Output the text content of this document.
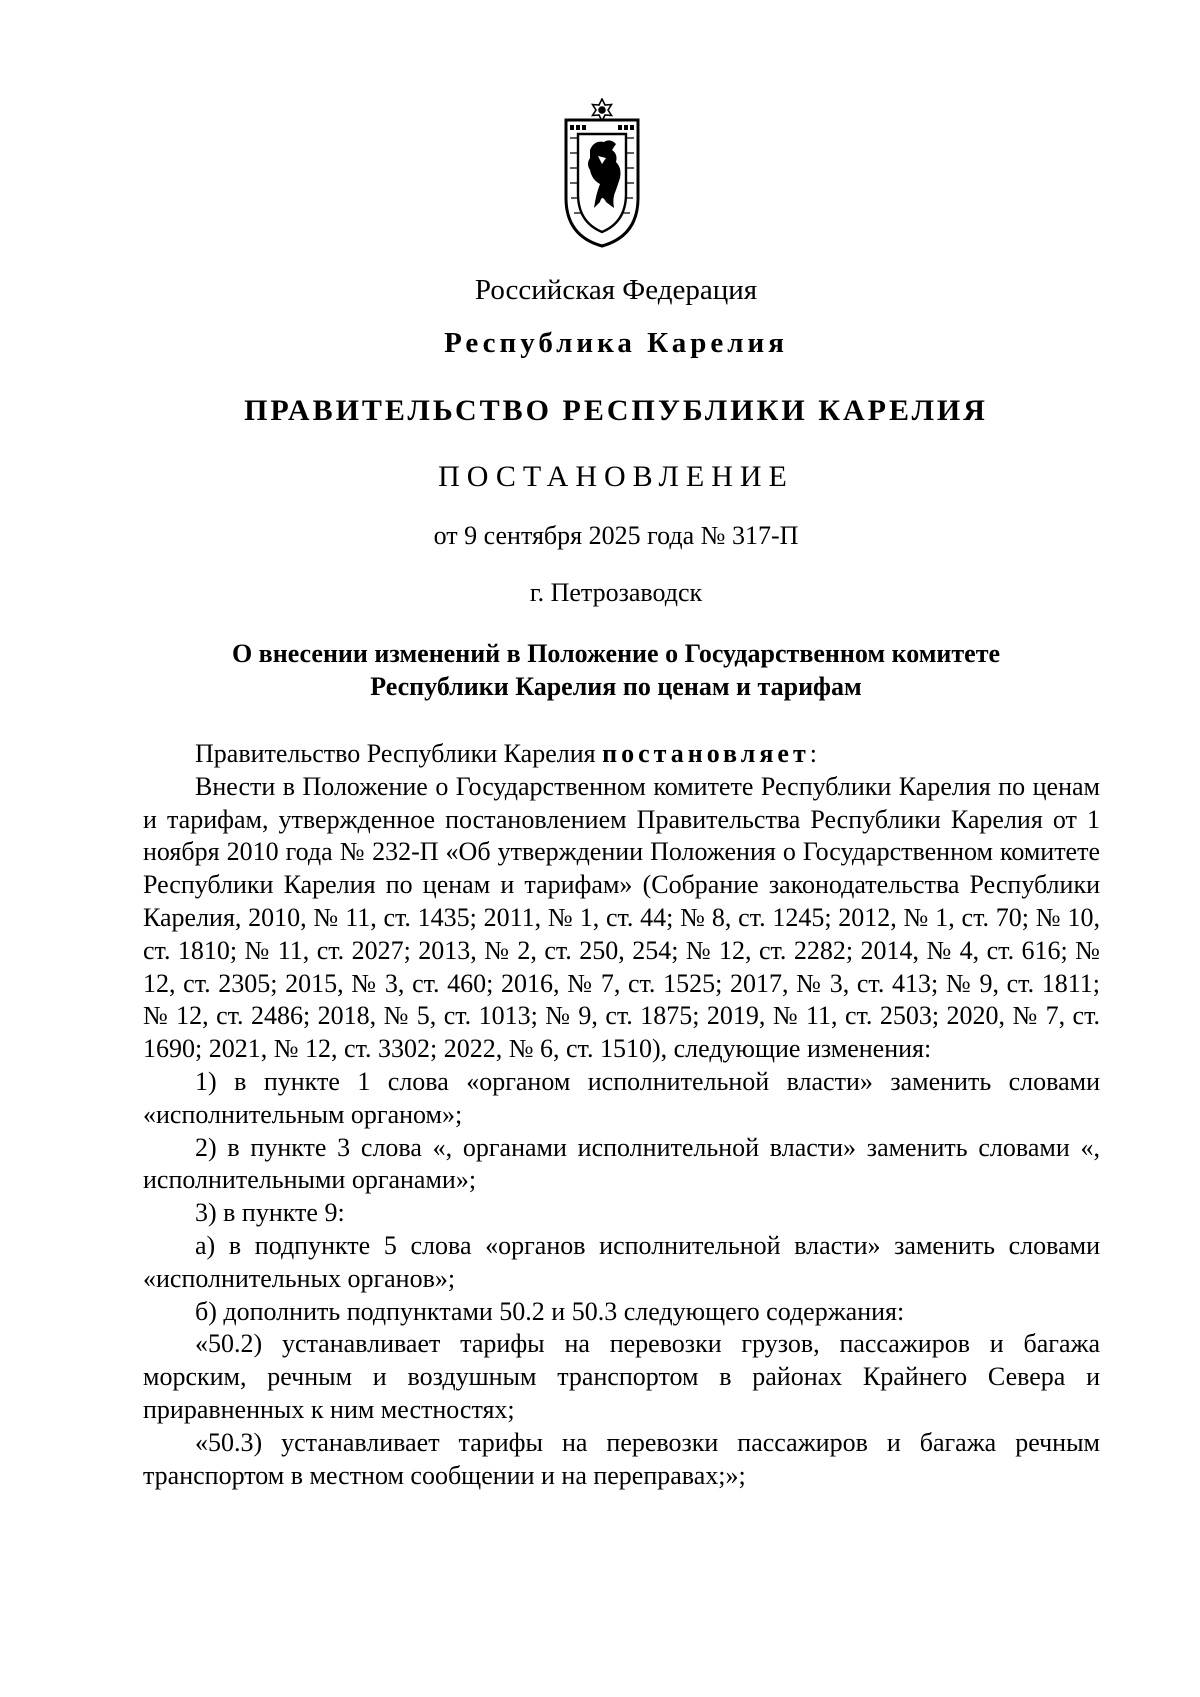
Российская Федерация
Республика Карелия
ПРАВИТЕЛЬСТВО РЕСПУБЛИКИ КАРЕЛИЯ
ПОСТАНОВЛЕНИЕ
от 9 сентября 2025 года № 317-П
г. Петрозаводск
О внесении изменений в Положение о Государственном комитете
Республики Карелия по ценам и тарифам

Правительство Республики Карелия постановляет:

Внести в Положение о Государственном комитете Республики Карелия по ценам и тарифам, утвержденное постановлением Правительства Республики Карелия от 1 ноября 2010 года № 232-П «Об утверждении Положения о Государственном комитете Республики Карелия по ценам и тарифам» (Собрание законодательства Республики Карелия, 2010, № 11, ст. 1435; 2011, № 1, ст. 44; № 8, ст. 1245; 2012, № 1, ст. 70; № 10, ст. 1810; № 11, ст. 2027; 2013, № 2, ст. 250, 254; № 12, ст. 2282; 2014, № 4, ст. 616; № 12, ст. 2305; 2015, № 3, ст. 460; 2016, № 7, ст. 1525; 2017, № 3, ст. 413; № 9, ст. 1811; № 12, ст. 2486; 2018, № 5, ст. 1013; № 9, ст. 1875; 2019, № 11, ст. 2503; 2020, № 7, ст. 1690; 2021, № 12, ст. 3302; 2022, № 6, ст. 1510), следующие изменения:

1) в пункте 1 слова «органом исполнительной власти» заменить словами «исполнительным органом»;

2) в пункте 3 слова «, органами исполнительной власти» заменить словами «, исполнительными органами»;

3) в пункте 9:

а) в подпункте 5 слова «органов исполнительной власти» заменить словами «исполнительных органов»;

б) дополнить подпунктами 50.2 и 50.3 следующего содержания:

«50.2) устанавливает тарифы на перевозки грузов, пассажиров и багажа морским, речным и воздушным транспортом в районах Крайнего Севера и приравненных к ним местностях;

«50.3) устанавливает тарифы на перевозки пассажиров и багажа речным транспортом в местном сообщении и на переправах;»;
